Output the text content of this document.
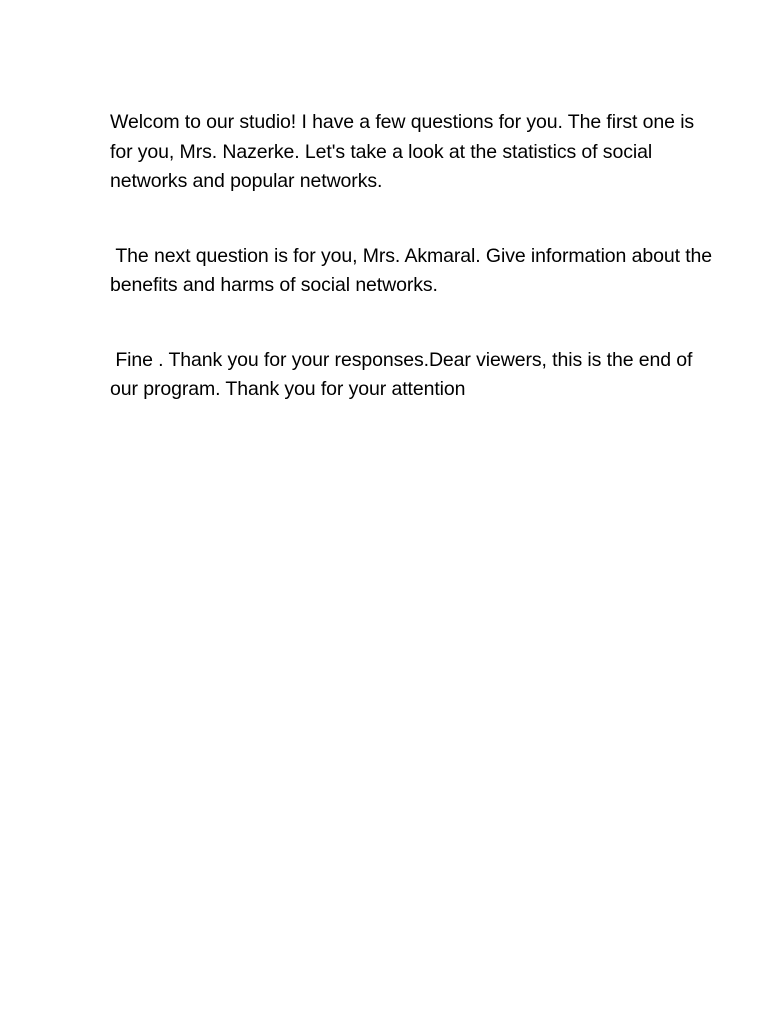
Welcom to our studio! I have a few questions for you. The first one is for you, Mrs. Nazerke. Let's take a look at the statistics of social networks and popular networks.

The next question is for you, Mrs. Akmaral. Give information about the benefits and harms of social networks.

Fine . Thank you for your responses.Dear viewers, this is the end of our program. Thank you for your attention
